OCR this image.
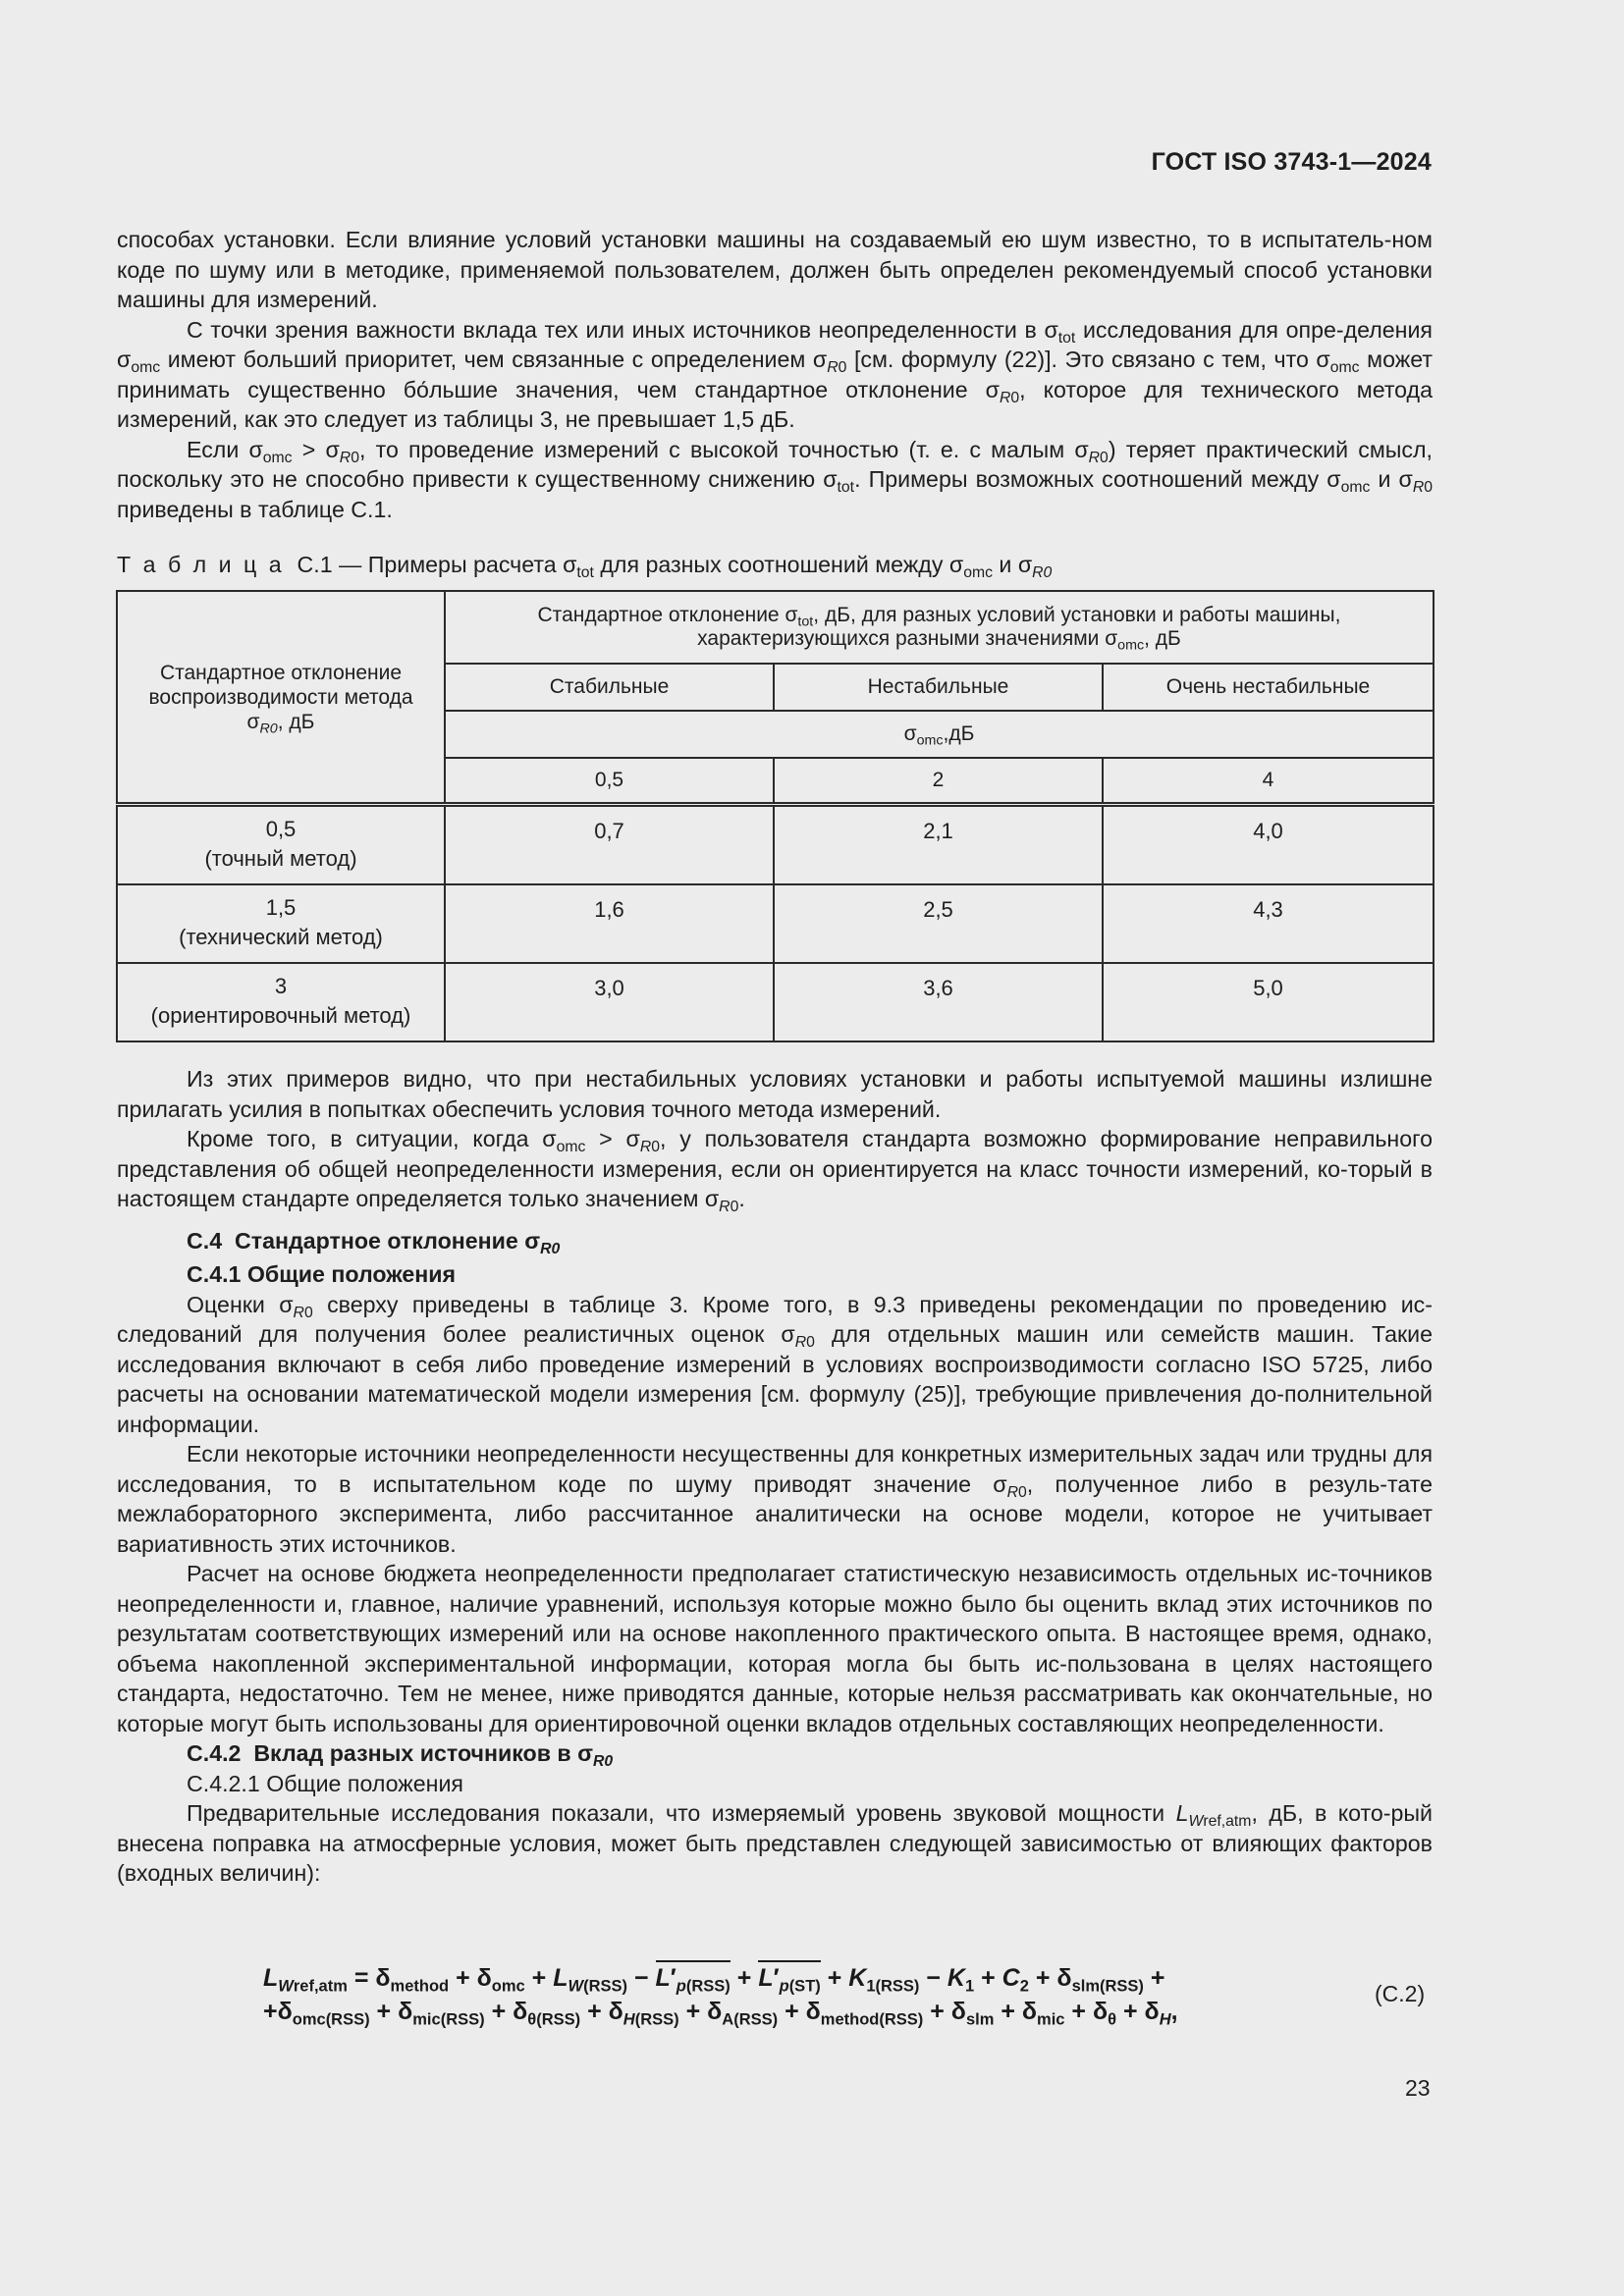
ГОСТ ISO 3743-1—2024

способах установки. Если влияние условий установки машины на создаваемый ею шум известно, то в испытатель-ном коде по шуму или в методике, применяемой пользователем, должен быть определен рекомендуемый способ установки машины для измерений.

С точки зрения важности вклада тех или иных источников неопределенности в $\sigma_{tot}$ исследования для опре-деления $\sigma_{omc}$ имеют больший приоритет, чем связанные с определением $\sigma_{R0}$ [см. формулу (22)]. Это связано с тем, что $\sigma_{omc}$ может принимать существенно бо́льшие значения, чем стандартное отклонение $\sigma_{R0}$, которое для технического метода измерений, как это следует из таблицы 3, не превышает 1,5 дБ.

Если $\sigma_{omc} > \sigma_{R0}$, то проведение измерений с высокой точностью (т. е. с малым $\sigma_{R0}$) теряет практический смысл, поскольку это не способно привести к существенному снижению $\sigma_{tot}$. Примеры возможных соотношений между $\sigma_{omc}$ и $\sigma_{R0}$ приведены в таблице С.1.

Т а б л и ц а С.1 — Примеры расчета $\sigma_{tot}$ для разных соотношений между $\sigma_{omc}$ и $\sigma_{R0}$

Стандартное отклонение
воспроизводимости метода
$\sigma_{R0}$, дБ	Стандартное отклонение $\sigma_{tot}$, дБ, для разных условий установки и работы машины,
характеризующихся разными значениями $\sigma_{omc}$, дБ		
	Стабильные	Нестабильные	Очень нестабильные
	$\sigma_{omc},дБ$		
	0,5	2	4
0,5
(точный метод)	0,7	2,1	4,0
1,5
(технический метод)	1,6	2,5	4,3
3
(ориентировочный метод)	3,0	3,6	5,0

Из этих примеров видно, что при нестабильных условиях установки и работы испытуемой машины излишне прилагать усилия в попытках обеспечить условия точного метода измерений.

Кроме того, в ситуации, когда $\sigma_{omc} > \sigma_{R0}$, у пользователя стандарта возможно формирование неправильного представления об общей неопределенности измерения, если он ориентируется на класс точности измерений, ко-торый в настоящем стандарте определяется только значением $\sigma_{R0}$.

С.4 Стандартное отклонение $\sigma_{R0}$

С.4.1 Общие положения

Оценки $\sigma_{R0}$ сверху приведены в таблице 3. Кроме того, в 9.3 приведены рекомендации по проведению ис-следований для получения более реалистичных оценок $\sigma_{R0}$ для отдельных машин или семейств машин. Такие исследования включают в себя либо проведение измерений в условиях воспроизводимости согласно ISO 5725, либо расчеты на основании математической модели измерения [см. формулу (25)], требующие привлечения до-полнительной информации.

Если некоторые источники неопределенности несущественны для конкретных измерительных задач или трудны для исследования, то в испытательном коде по шуму приводят значение $\sigma_{R0}$, полученное либо в резуль-тате межлабораторного эксперимента, либо рассчитанное аналитически на основе модели, которое не учитывает вариативность этих источников.

Расчет на основе бюджета неопределенности предполагает статистическую независимость отдельных ис-точников неопределенности и, главное, наличие уравнений, используя которые можно было бы оценить вклад этих источников по результатам соответствующих измерений или на основе накопленного практического опыта. В настоящее время, однако, объема накопленной экспериментальной информации, которая могла бы быть ис-пользована в целях настоящего стандарта, недостаточно. Тем не менее, ниже приводятся данные, которые нельзя рассматривать как окончательные, но которые могут быть использованы для ориентировочной оценки вкладов отдельных составляющих неопределенности.

С.4.2 Вклад разных источников в $\sigma_{R0}$

С.4.2.1 Общие положения

Предварительные исследования показали, что измеряемый уровень звуковой мощности $L_{Wref,atm}$, дБ, в кото-рый внесена поправка на атмосферные условия, может быть представлен следующей зависимостью от влияющих факторов (входных величин):

$L_{Wref,atm} = \delta_{method} + \delta_{omc} + L_{W(RSS)} - L'_{p(RSS)} + L'_{p(ST)} + K_{1(RSS)} - K_1 + C_2 + \delta_{slm(RSS)}$ +
$+\delta_{omc(RSS)} + \delta_{mic(RSS)} + \delta_{\theta(RSS)} + \delta_{H(RSS)} + \delta_{A(RSS)} + \delta_{method(RSS)} + \delta_{slm} + \delta_{mic} + \delta_\theta + \delta_H$,
(С.2)
23
